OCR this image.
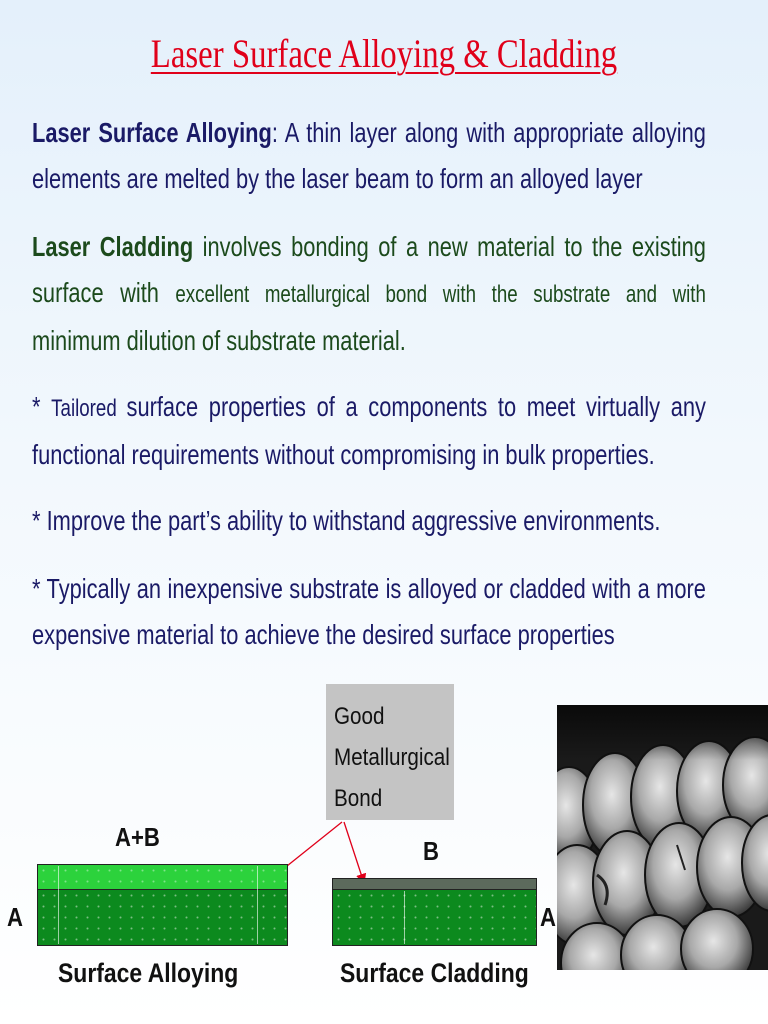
Laser Surface Alloying & Cladding
Laser Surface Alloying: A thin layer along with appropriate alloying elements are melted by the laser beam to form an alloyed layer
Laser Cladding involves bonding of a new material to the existing surface with excellent metallurgical bond with the substrate and with minimum dilution of substrate material.
* Tailored surface properties of a components to meet virtually any functional requirements without compromising in bulk properties.
* Improve the part’s ability to withstand aggressive environments.
* Typically an inexpensive substrate is alloyed or cladded with a more expensive material to achieve the desired surface properties
Good
Metallurgical
Bond
A+B	B
A	A
Surface Alloying	Surface Cladding
